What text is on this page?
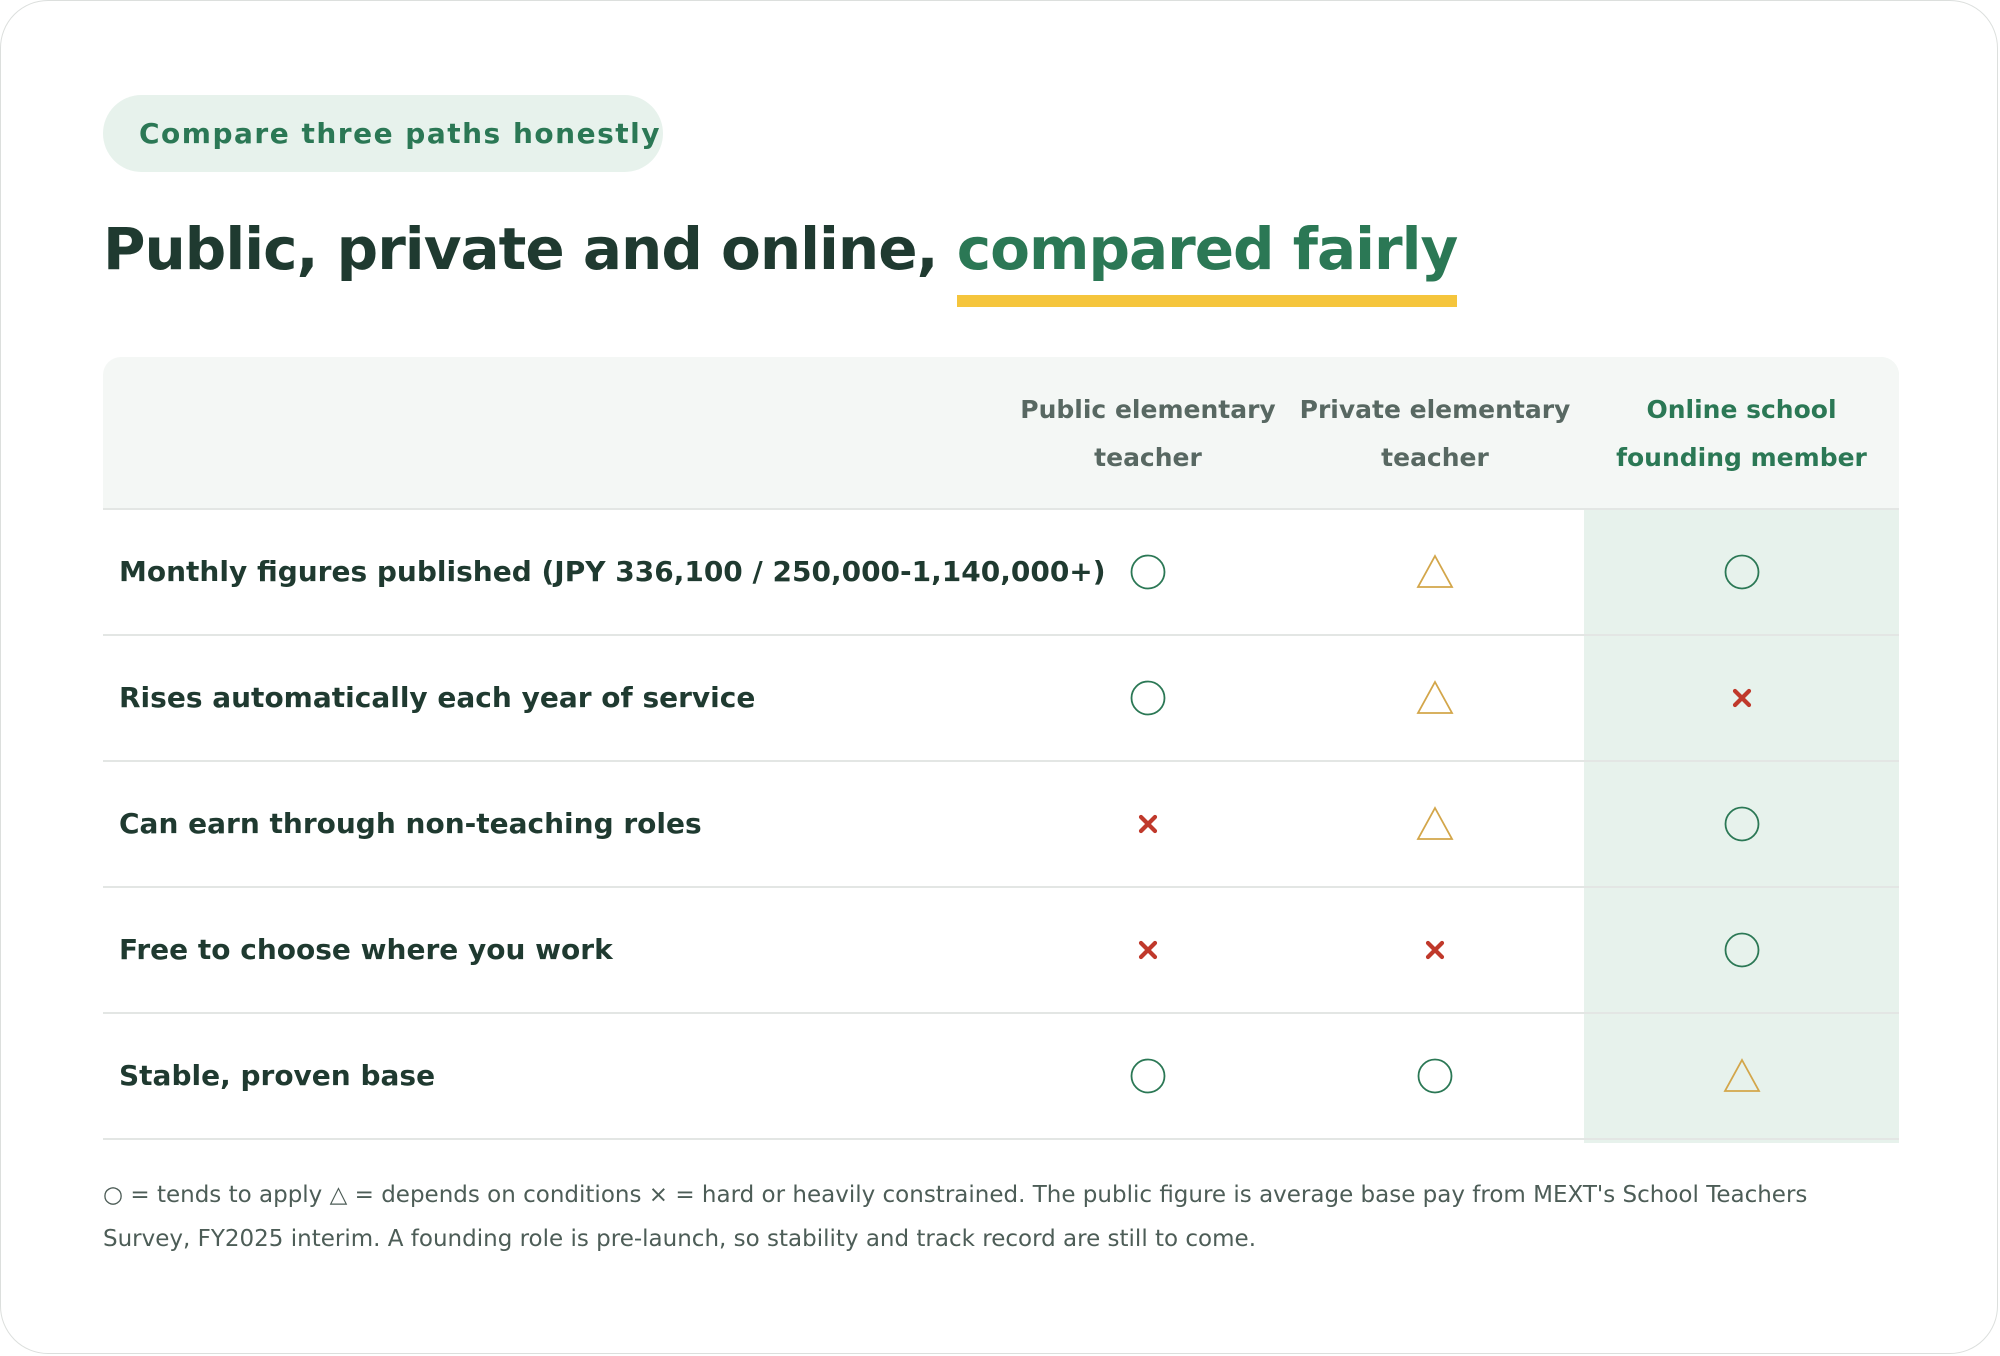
Compare three paths honestly
Public, private and online, compared fairly
Public elementary teacher
Private elementary teacher
Online school founding member
Monthly figures published (JPY 336,100 / 250,000-1,140,000+)
Rises automatically each year of service
Can earn through non-teaching roles
Free to choose where you work
Stable, proven base
○ = tends to apply △ = depends on conditions × = hard or heavily constrained. The public figure is average base pay from MEXT's School Teachers Survey, FY2025 interim. A founding role is pre-launch, so stability and track record are still to come.
